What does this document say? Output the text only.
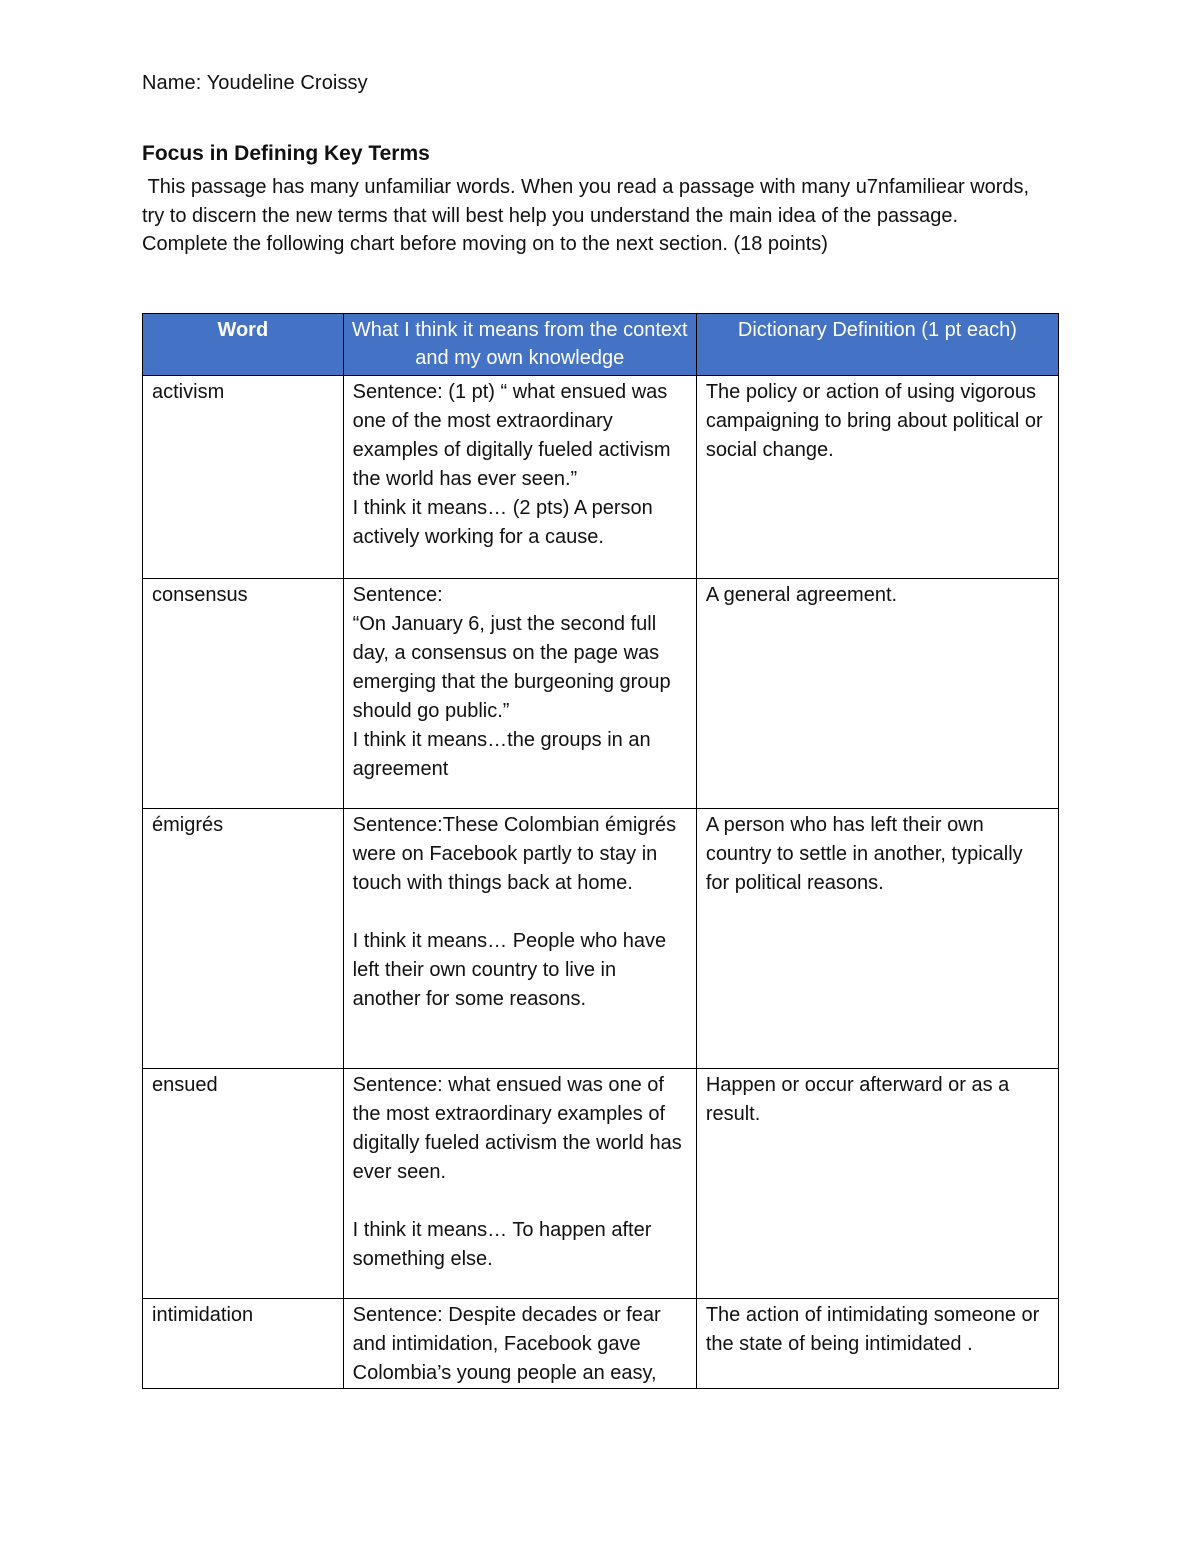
Name: Youdeline Croissy
Focus in Defining Key Terms

This passage has many unfamiliar words. When you read a passage with many u7nfamiliear words, try to discern the new terms that will best help you understand the main idea of the passage.

Complete the following chart before moving on to the next section. (18 points)

Word	What I think it means from the context and my own knowledge	Dictionary Definition (1 pt each)
activism	Sentence: (1 pt) “ what ensued was one of the most extraordinary examples of digitally fueled activism the world has ever seen.”
I think it means… (2 pts) A person actively working for a cause.	The policy or action of using vigorous campaigning to bring about political or social change.
consensus	Sentence:
“On January 6, just the second full day, a consensus on the page was emerging that the burgeoning group should go public.”
I think it means…the groups in an agreement	A general agreement.
émigrés	Sentence:These Colombian émigrés were on Facebook partly to stay in touch with things back at home.
I think it means… People who have left their own country to live in another for some reasons.	A person who has left their own country to settle in another, typically for political reasons.
ensued	Sentence: what ensued was one of the most extraordinary examples of digitally fueled activism the world has ever seen.
I think it means… To happen after something else.	Happen or occur afterward or as a result.
intimidation	Sentence: Despite decades or fear and intimidation, Facebook gave Colombia’s young people an easy,	The action of intimidating someone or the state of being intimidated .
